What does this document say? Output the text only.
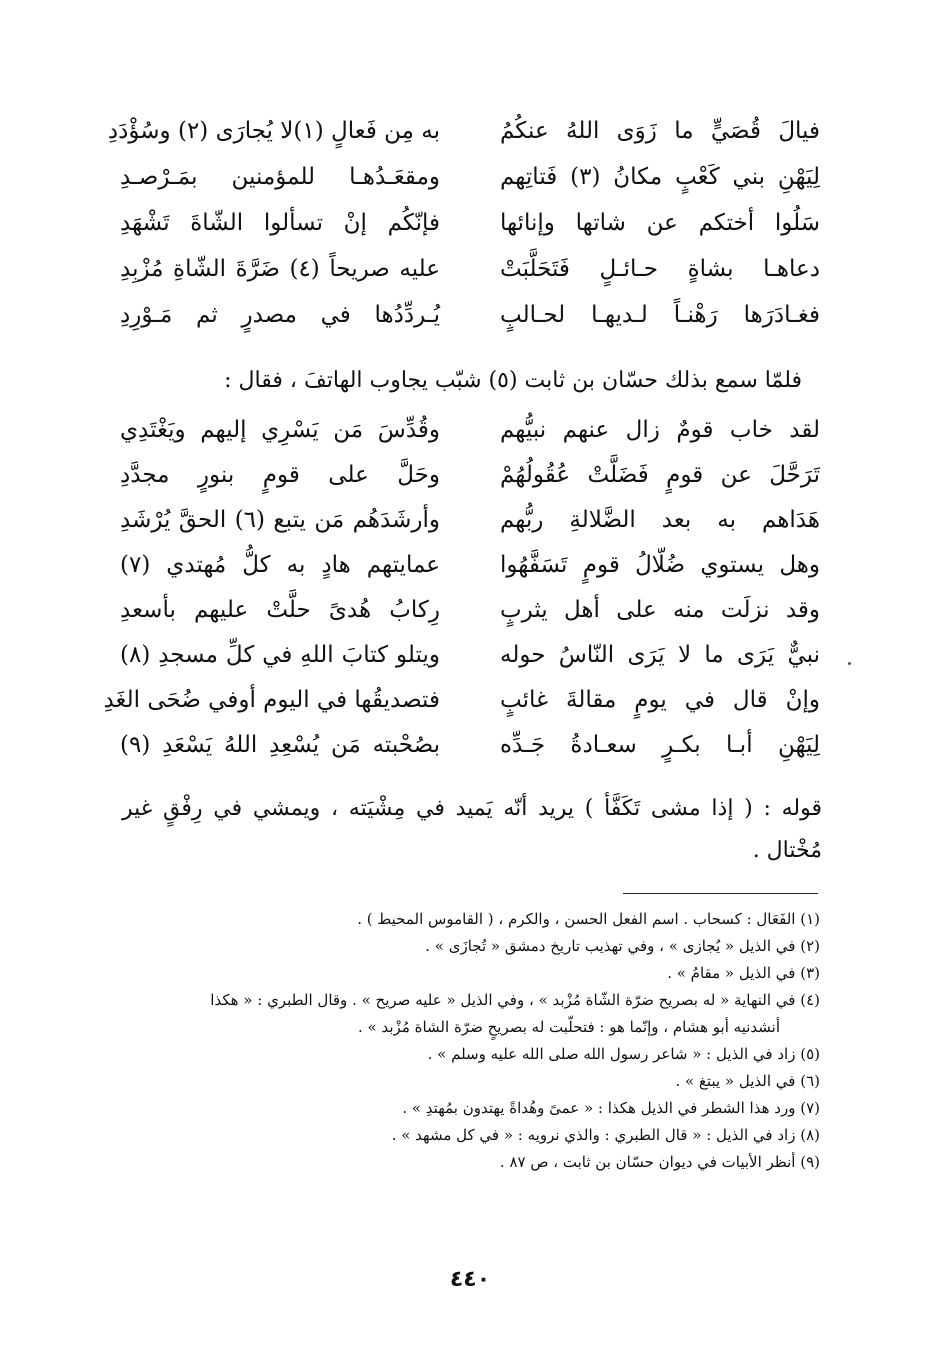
فيالَ قُصَيٍّ ما زَوَى اللهُ عنكُمُ
به مِن فَعالٍ (١)لا يُجارَى (٢) وسُؤْدَدِ
لِيَهْنِ بني كَعْبٍ مكانُ (٣) فَتاتِهم
ومقعَـدُهـا للمؤمنين بمَـرْصـدِ
سَلُوا أختكم عن شاتها وإنائها
فإنّكُم إنْ تسألوا الشّاةَ تَشْهَدِ
دعاهـا بشاةٍ حـائـلٍ فَتَحَلَّبَتْ
عليه صريحاً (٤) ضَرَّةَ الشّاةِ مُزْبِدِ
فغـادَرَها رَهْنـاً لـديهـا لحـالبٍ
يُـردِّدُها في مصدرٍ ثم مَـوْرِدِ
فلمّا سمع بذلك حسّان بن ثابت (٥) شبّب يجاوب الهاتفَ ، فقال :
لقد خاب قومٌ زال عنهم نبيُّهم
وقُدِّسَ مَن يَسْرِي إليهم ويَغْتَدِي
تَرَحَّلَ عن قومٍ فَضَلَّتْ عُقُولُهُمْ
وحَلَّ على قومٍ بنورٍ مجدَّدِ
هَدَاهم به بعد الضَّلالةِ ربُّهم
وأرشَدَهُم مَن يتبع (٦) الحقَّ يُرْشَدِ
وهل يستوي ضُلّالُ قومٍ تَسَفَّهُوا
عمايتهم هادٍ به كلُّ مُهتدي (٧)
وقد نزلَت منه على أهل يثربٍ
رِكابُ هُدىً حلَّتْ عليهم بأسعدِ
نبيٌّ يَرَى ما لا يَرَى النّاسُ حوله
ويتلو كتابَ اللهِ في كلِّ مسجدِ (٨)
وإنْ قال في يومٍ مقالةَ غائبٍ
فتصديقُها في اليوم أوفي ضُحَى الغَدِ
لِيَهْنِ أبـا بكـرٍ سعـادةُ جَـدِّه
بصُحْبته مَن يُسْعِدِ اللهُ يَسْعَدِ (٩)
قوله : ( إذا مشى تَكَفَّأ ) يريد أنّه يَميد في مِشْيَته ، ويمشي في رِفْقٍ غير مُخْتال .
(١) الفَعَال : كسحاب . اسم الفعل الحسن ، والكرم ، ( القاموس المحيط ) .
(٢) في الذيل « يُجازى » ، وفي تهذيب تاريخ دمشق « تُجازَى » .
(٣) في الذيل « مقامُ » .
(٤) في النهاية « له بصريح ضرّة الشّاة مُزْبد » ، وفي الذيل « عليه صريح » . وقال الطبري : « هكذا
أنشدنيه أبو هشام ، وإنّما هو : فتحلّبت له بصريحٍ ضرّة الشاة مُزْبد » .
(٥) زاد في الذيل : « شاعر رسول الله صلى الله عليه وسلم » .
(٦) في الذيل « يبتغ » .
(٧) ورد هذا الشطر في الذيل هكذا : « عمىً وهُداةً يهتدون بمُهتدِ » .
(٨) زاد في الذيل : « قال الطبري : والذي نرويه : « في كل مشهد » .
(٩) أنظر الأبيات في ديوان حسّان بن ثابت ، ص ٨٧ .
٤٤٠
